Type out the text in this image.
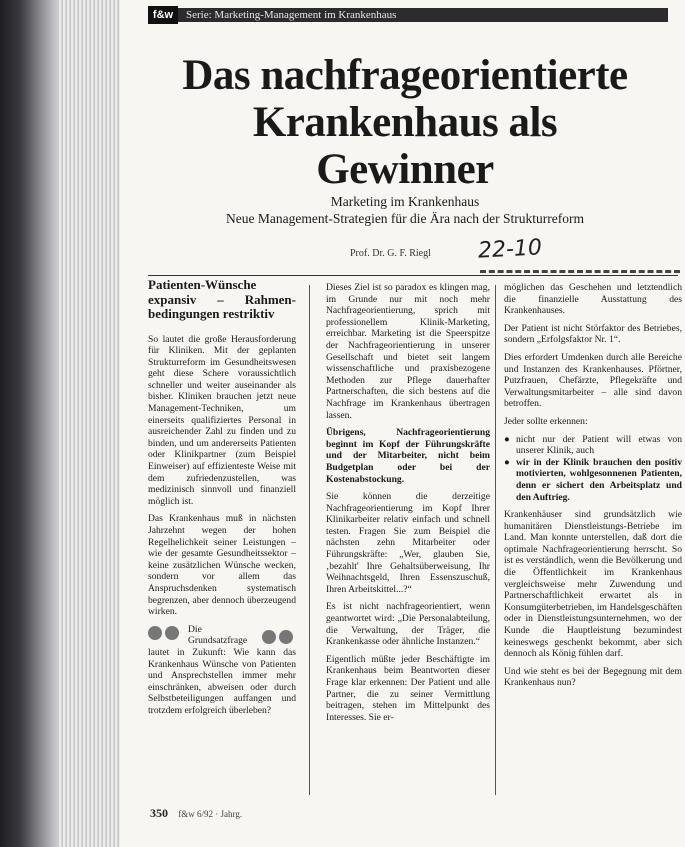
f&w	Serie: Marketing-Management im Krankenhaus
Das nachfrageorientierte
Krankenhaus als
Gewinner
Marketing im Krankenhaus
Neue Management-Strategien für die Ära nach der Strukturreform
Prof. Dr. G. F. Riegl 22-10
Patienten-Wünsche expansiv – Rahmen-bedingungen restriktiv

So lautet die große Herausforderung für Kliniken. Mit der geplanten Strukturreform im Gesundheitswesen geht diese Schere voraussichtlich schneller und weiter auseinander als bisher. Kliniken brauchen jetzt neue Management-Techniken, um einerseits qualifiziertes Personal in ausreichender Zahl zu finden und zu binden, und um andererseits Patienten oder Klinikpartner (zum Beispiel Einweiser) auf effizienteste Weise mit dem zufriedenzustellen, was medizinisch sinnvoll und finanziell möglich ist.

Das Krankenhaus muß in nächsten Jahrzehnt wegen der hohen Regelhelichkeit seiner Leistungen – wie der gesamte Gesundheitssektor – keine zusätzlichen Wünsche wecken, sondern vor allem das Anspruchsdenken systematisch begrenzen, aber dennoch überzeugend wirken.

Die Grundsatzfrage lautet in Zukunft: Wie kann das Krankenhaus Wünsche von Patienten und Ansprechstellen immer mehr einschränken, abweisen oder durch Selbstbeteiligungen auffangen und trotzdem erfolgreich überleben?

Dieses Ziel ist so paradox es klingen mag, im Grunde nur mit noch mehr Nachfrageorientierung, sprich mit professionellem Klinik-Marketing, erreichbar. Marketing ist die Speerspitze der Nachfrageorientierung in unserer Gesellschaft und bietet seit langem wissenschaftliche und praxisbezogene Methoden zur Pflege dauerhafter Partnerschaften, die sich bestens auf die Nachfrage im Krankenhaus übertragen lassen.

Übrigens, Nachfrageorientierung beginnt im Kopf der Führungskräfte und der Mitarbeiter, nicht beim Budgetplan oder bei der Kostenabstockung.

Sie können die derzeitige Nachfrageorientierung im Kopf Ihrer Klinikarbeiter relativ einfach und schnell testen. Fragen Sie zum Beispiel die nächsten zehn Mitarbeiter oder Führungskräfte: „Wer, glauben Sie, ‚bezahlt' Ihre Gehaltsüberweisung, Ihr Weihnachtsgeld, Ihren Essenszuschuß, Ihren Arbeitskittel...?“

Es ist nicht nachfrageorientiert, wenn geantwortet wird: „Die Personalabteilung, die Verwaltung, der Träger, die Krankenkasse oder ähnliche Instanzen.“

Eigentlich müßte jeder Beschäftigte im Krankenhaus beim Beantworten dieser Frage klar erkennen: Der Patient und alle Partner, die zu seiner Vermittlung beitragen, stehen im Mittelpunkt des Interesses. Sie er-

möglichen das Geschehen und letztendlich die finanzielle Ausstattung des Krankenhauses.

Der Patient ist nicht Störfaktor des Betriebes, sondern „Erfolgsfaktor Nr. 1“.

Dies erfordert Umdenken durch alle Bereiche und Instanzen des Krankenhauses. Pförtner, Putzfrauen, Chefärzte, Pflegekräfte und Verwaltungsmitarbeiter – alle sind davon betroffen.

Jeder sollte erkennen:

● nicht nur der Patient will etwas von unserer Klinik, auch
● wir in der Klinik brauchen den positiv motivierten, wohlgesonnenen Patienten, denn er sichert den Arbeitsplatz und den Auftrieg.

Krankenhäuser sind grundsätzlich wie humanitären Dienstleistungs-Betriebe im Land. Man konnte unterstellen, daß dort die optimale Nachfrageorientierung herrscht. So ist es verständlich, wenn die Bevölkerung und die Öffentlichkeit im Krankenhaus vergleichsweise mehr Zuwendung und Partnerschaftlichkeit erwartet als in Konsumgüterbetrieben, im Handelsgeschäften oder in Dienstleistungsunternehmen, wo der Kunde die Hauptleistung bezumindest keineswegs geschenkt bekommt, aber sich dennoch als König fühlen darf.

Und wie steht es bei der Begegnung mit dem Krankenhaus nun?

350 f&w 6/92 · Jahrg.
